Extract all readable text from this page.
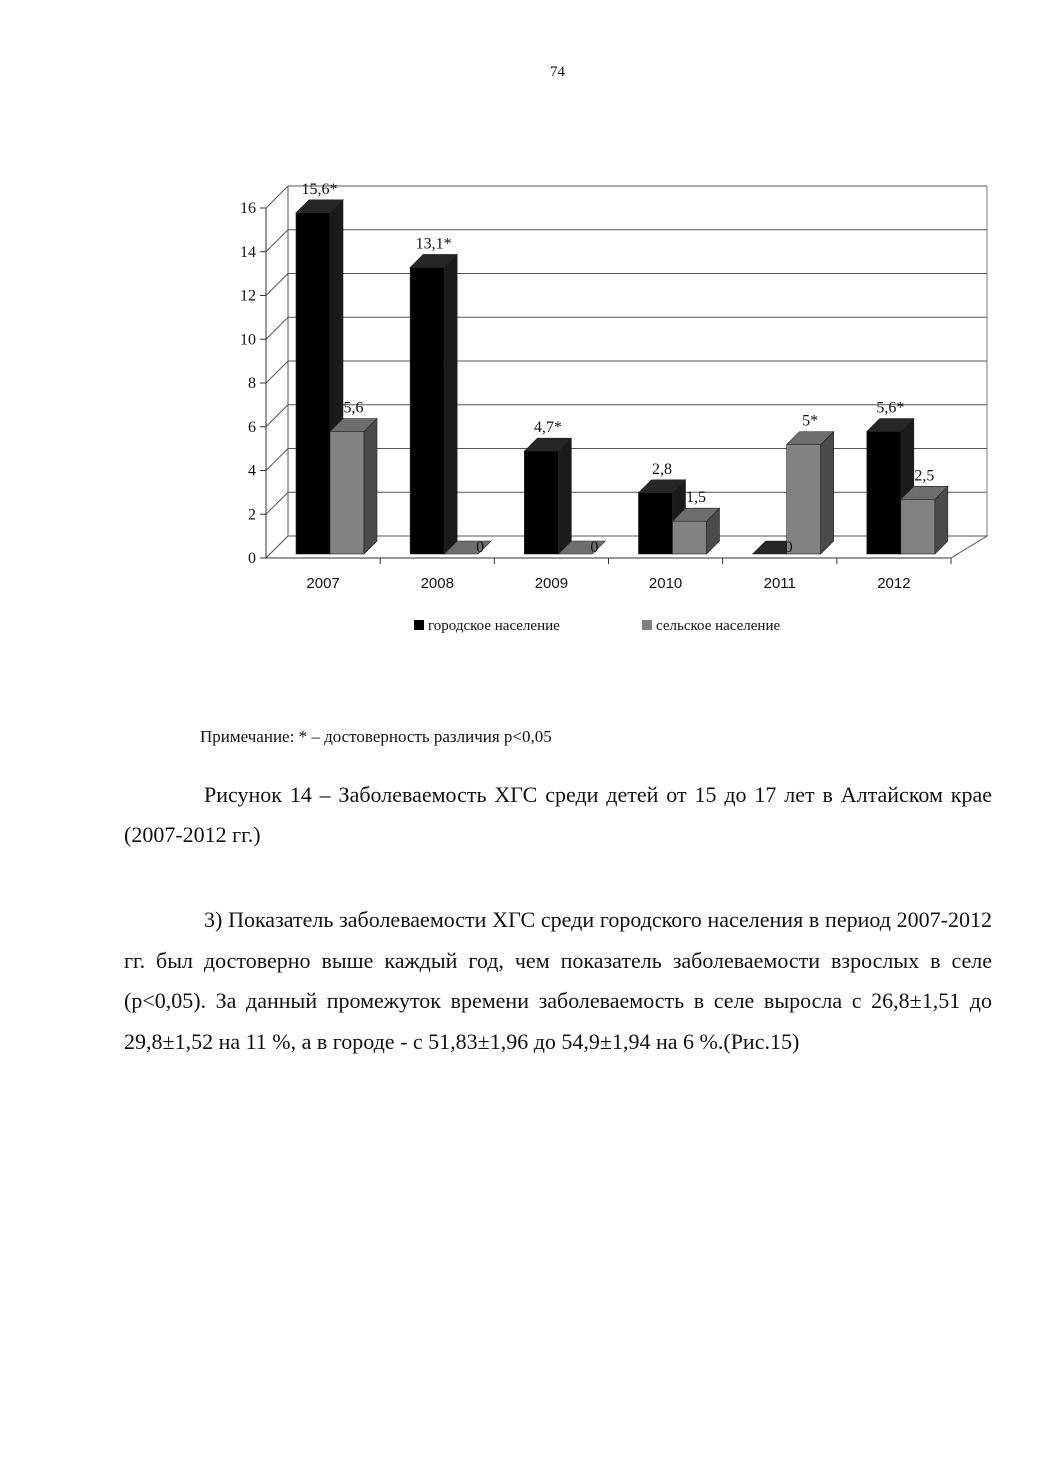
74
0
2
4
6
8
10
12
14
16
15,6*
5,6
13,1*
0
4,7*
0
2,8
1,5
0
5*
5,6*
2,5
2007	2008	2009	2010	2011	2012
городское население	сельское население
Примечание: * – достоверность различия р<0,05
Рисунок 14 – Заболеваемость ХГС среди детей от 15 до 17 лет в Алтайском крае (2007-2012 гг.)
3) Показатель заболеваемости ХГС среди городского населения в период 2007-2012 гг. был достоверно выше каждый год, чем показатель заболеваемости взрослых в селе (р<0,05). За данный промежуток времени заболеваемость в селе выросла с 26,8±1,51 до 29,8±1,52 на 11 %, а в городе - с 51,83±1,96 до 54,9±1,94 на 6 %.(Рис.15)
